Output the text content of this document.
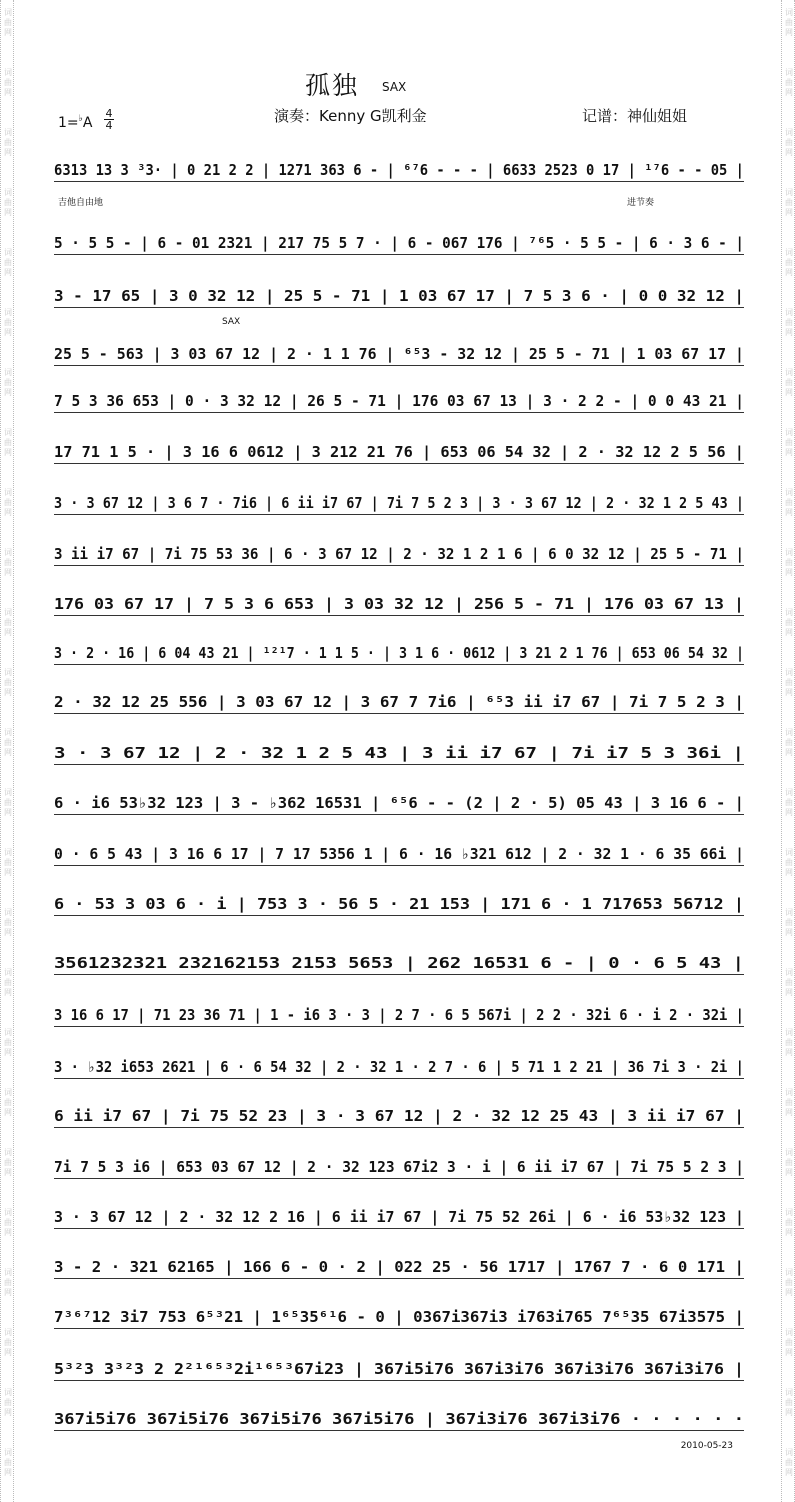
词
曲
网
词
曲
网
词
曲
网
词
曲
网
词
曲
网
词
曲
网
词
曲
网
词
曲
网
词
曲
网
词
曲
网
词
曲
网
词
曲
网
词
曲
网
词
曲
网
词
曲
网
词
曲
网
词
曲
网
词
曲
网
词
曲
网
词
曲
网
词
曲
网
词
曲
网
词
曲
网
词
曲
网
词
曲
网
词
曲
网
词
曲
网
词
曲
网
词
曲
网
词
曲
网
词
曲
网
词
曲
网
词
曲
网
词
曲
网
词
曲
网
词
曲
网
词
曲
网
词
曲
网
词
曲
网
词
曲
网
词
曲
网
词
曲
网
词
曲
网
词
曲
网
词
曲
网
词
曲
网
词
曲
网
词
曲
网
词
曲
网
词
曲
网
孤独 SAX
1=♭A
4
4
演奏：Kenny G凯利金	记谱：神仙姐姐
吉他自由地	进节奏
SAX
6313 13 3 ³3· | 0 21 2 2 | 1271 363 6 - | ⁶⁷6 - - - | 6633 2523 0 17 | ¹⁷6 - - 05 |
5 · 5 5 - | 6 - 01 2321 | 217 75 5 7 · | 6 - 067 176 | ⁷⁶5 · 5 5 - | 6 · 3 6 - |
3 - 17 65 | 3 0 32 12 | 25 5 - 71 | 1 03 67 17 | 7 5 3 6 · | 0 0 32 12 |
25 5 - 563 | 3 03 67 12 | 2 · 1 1 76 | ⁶⁵3 - 32 12 | 25 5 - 71 | 1 03 67 17 |
7 5 3 36 653 | 0 · 3 32 12 | 26 5 - 71 | 176 03 67 13 | 3 · 2 2 - | 0 0 43 21 |
17 71 1 5 · | 3 16 6 0612 | 3 212 21 76 | 653 06 54 32 | 2 · 32 12 2 5 56 |
3 · 3 67 12 | 3 6 7 · 7i6 | 6 ii i7 67 | 7i 7 5 2 3 | 3 · 3 67 12 | 2 · 32 1 2 5 43 |
3 ii i7 67 | 7i 75 53 36 | 6 · 3 67 12 | 2 · 32 1 2 1 6 | 6 0 32 12 | 25 5 - 71 |
176 03 67 17 | 7 5 3 6 653 | 3 03 32 12 | 256 5 - 71 | 176 03 67 13 |
3 · 2 · 16 | 6 04 43 21 | ¹²¹7 · 1 1 5 · | 3 1 6 · 0612 | 3 21 2 1 76 | 653 06 54 32 |
2 · 32 12 25 556 | 3 03 67 12 | 3 67 7 7i6 | ⁶⁵3 ii i7 67 | 7i 7 5 2 3 |
3 · 3 67 12 | 2 · 32 1 2 5 43 | 3 ii i7 67 | 7i i7 5 3 36i |
6 · i6 53♭32 123 | 3 - ♭362 16531 | ⁶⁵6 - - (2 | 2 · 5) 05 43 | 3 16 6 - |
0 · 6 5 43 | 3 16 6 17 | 7 17 5356 1 | 6 · 16 ♭321 612 | 2 · 32 1 · 6 35 66i |
6 · 53 3 03 6 · i | 753 3 · 56 5 · 21 153 | 171 6 · 1 717653 56712 |
3561232321 232162153 2153 5653 | 262 16531 6 - | 0 · 6 5 43 |
3 16 6 17 | 71 23 36 71 | 1 - i6 3 · 3 | 2 7 · 6 5 567i | 2 2 · 32i 6 · i 2 · 32i |
3 · ♭32 i653 2621 | 6 · 6 54 32 | 2 · 32 1 · 2 7 · 6 | 5 71 1 2 21 | 36 7i 3 · 2i |
6 ii i7 67 | 7i 75 52 23 | 3 · 3 67 12 | 2 · 32 12 25 43 | 3 ii i7 67 |
7i 7 5 3 i6 | 653 03 67 12 | 2 · 32 123 67i2 3 · i | 6 ii i7 67 | 7i 75 5 2 3 |
3 · 3 67 12 | 2 · 32 12 2 16 | 6 ii i7 67 | 7i 75 52 26i | 6 · i6 53♭32 123 |
3 - 2 · 321 62165 | 166 6 - 0 · 2 | 022 25 · 56 1717 | 1767 7 · 6 0 171 |
7³⁶⁷12 3i7 753 6⁵³21 | 1⁶⁵35⁶¹6 - 0 | 0367i367i3 i763i765 7⁶⁵35 67i3575 |
5³²3 3³²3 2 2²¹⁶⁵³2i¹⁶⁵³67i23 | 367i5i76 367i3i76 367i3i76 367i3i76 |
367i5i76 367i5i76 367i5i76 367i5i76 | 367i3i76 367i3i76 · · · · · ·
2010-05-23
